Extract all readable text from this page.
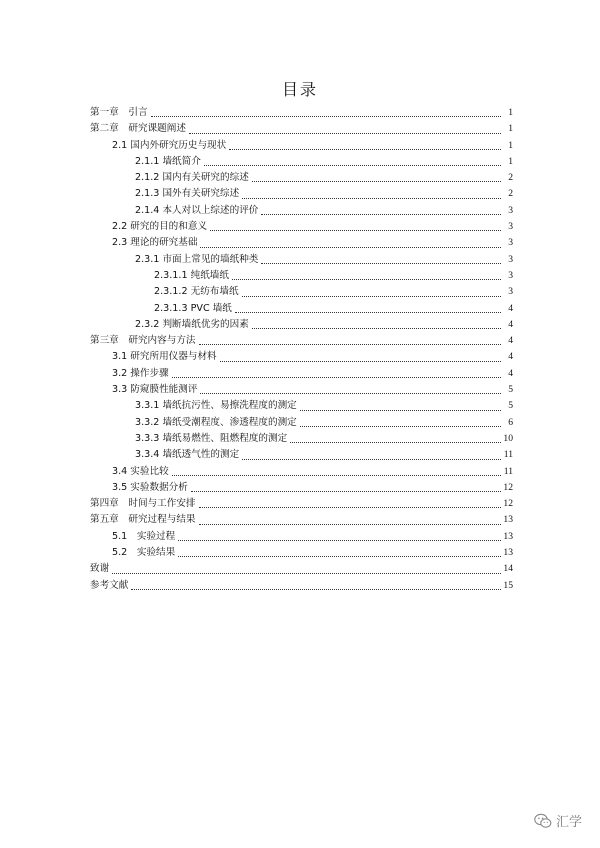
目录
第一章　引言	1
第二章　研究课题阐述	1
2.1 国内外研究历史与现状	1
2.1.1 墙纸简介	1
2.1.2 国内有关研究的综述	2
2.1.3 国外有关研究综述	2
2.1.4 本人对以上综述的评价	3
2.2 研究的目的和意义	3
2.3 理论的研究基础	3
2.3.1 市面上常见的墙纸种类	3
2.3.1.1 纯纸墙纸	3
2.3.1.2 无纺布墙纸	3
2.3.1.3 PVC 墙纸	4
2.3.2 判断墙纸优劣的因素	4
第三章　研究内容与方法	4
3.1 研究所用仪器与材料	4
3.2 操作步骤	4
3.3 防窥膜性能测评	5
3.3.1 墙纸抗污性、易擦洗程度的测定	5
3.3.2 墙纸受潮程度、渗透程度的测定	6
3.3.3 墙纸易燃性、阻燃程度的测定	10
3.3.4 墙纸透气性的测定	11
3.4 实验比较	11
3.5 实验数据分析	12
第四章　时间与工作安排	12
第五章　研究过程与结果	13
5.1　实验过程	13
5.2　实验结果	13
致谢	14
参考文献	15
汇学
